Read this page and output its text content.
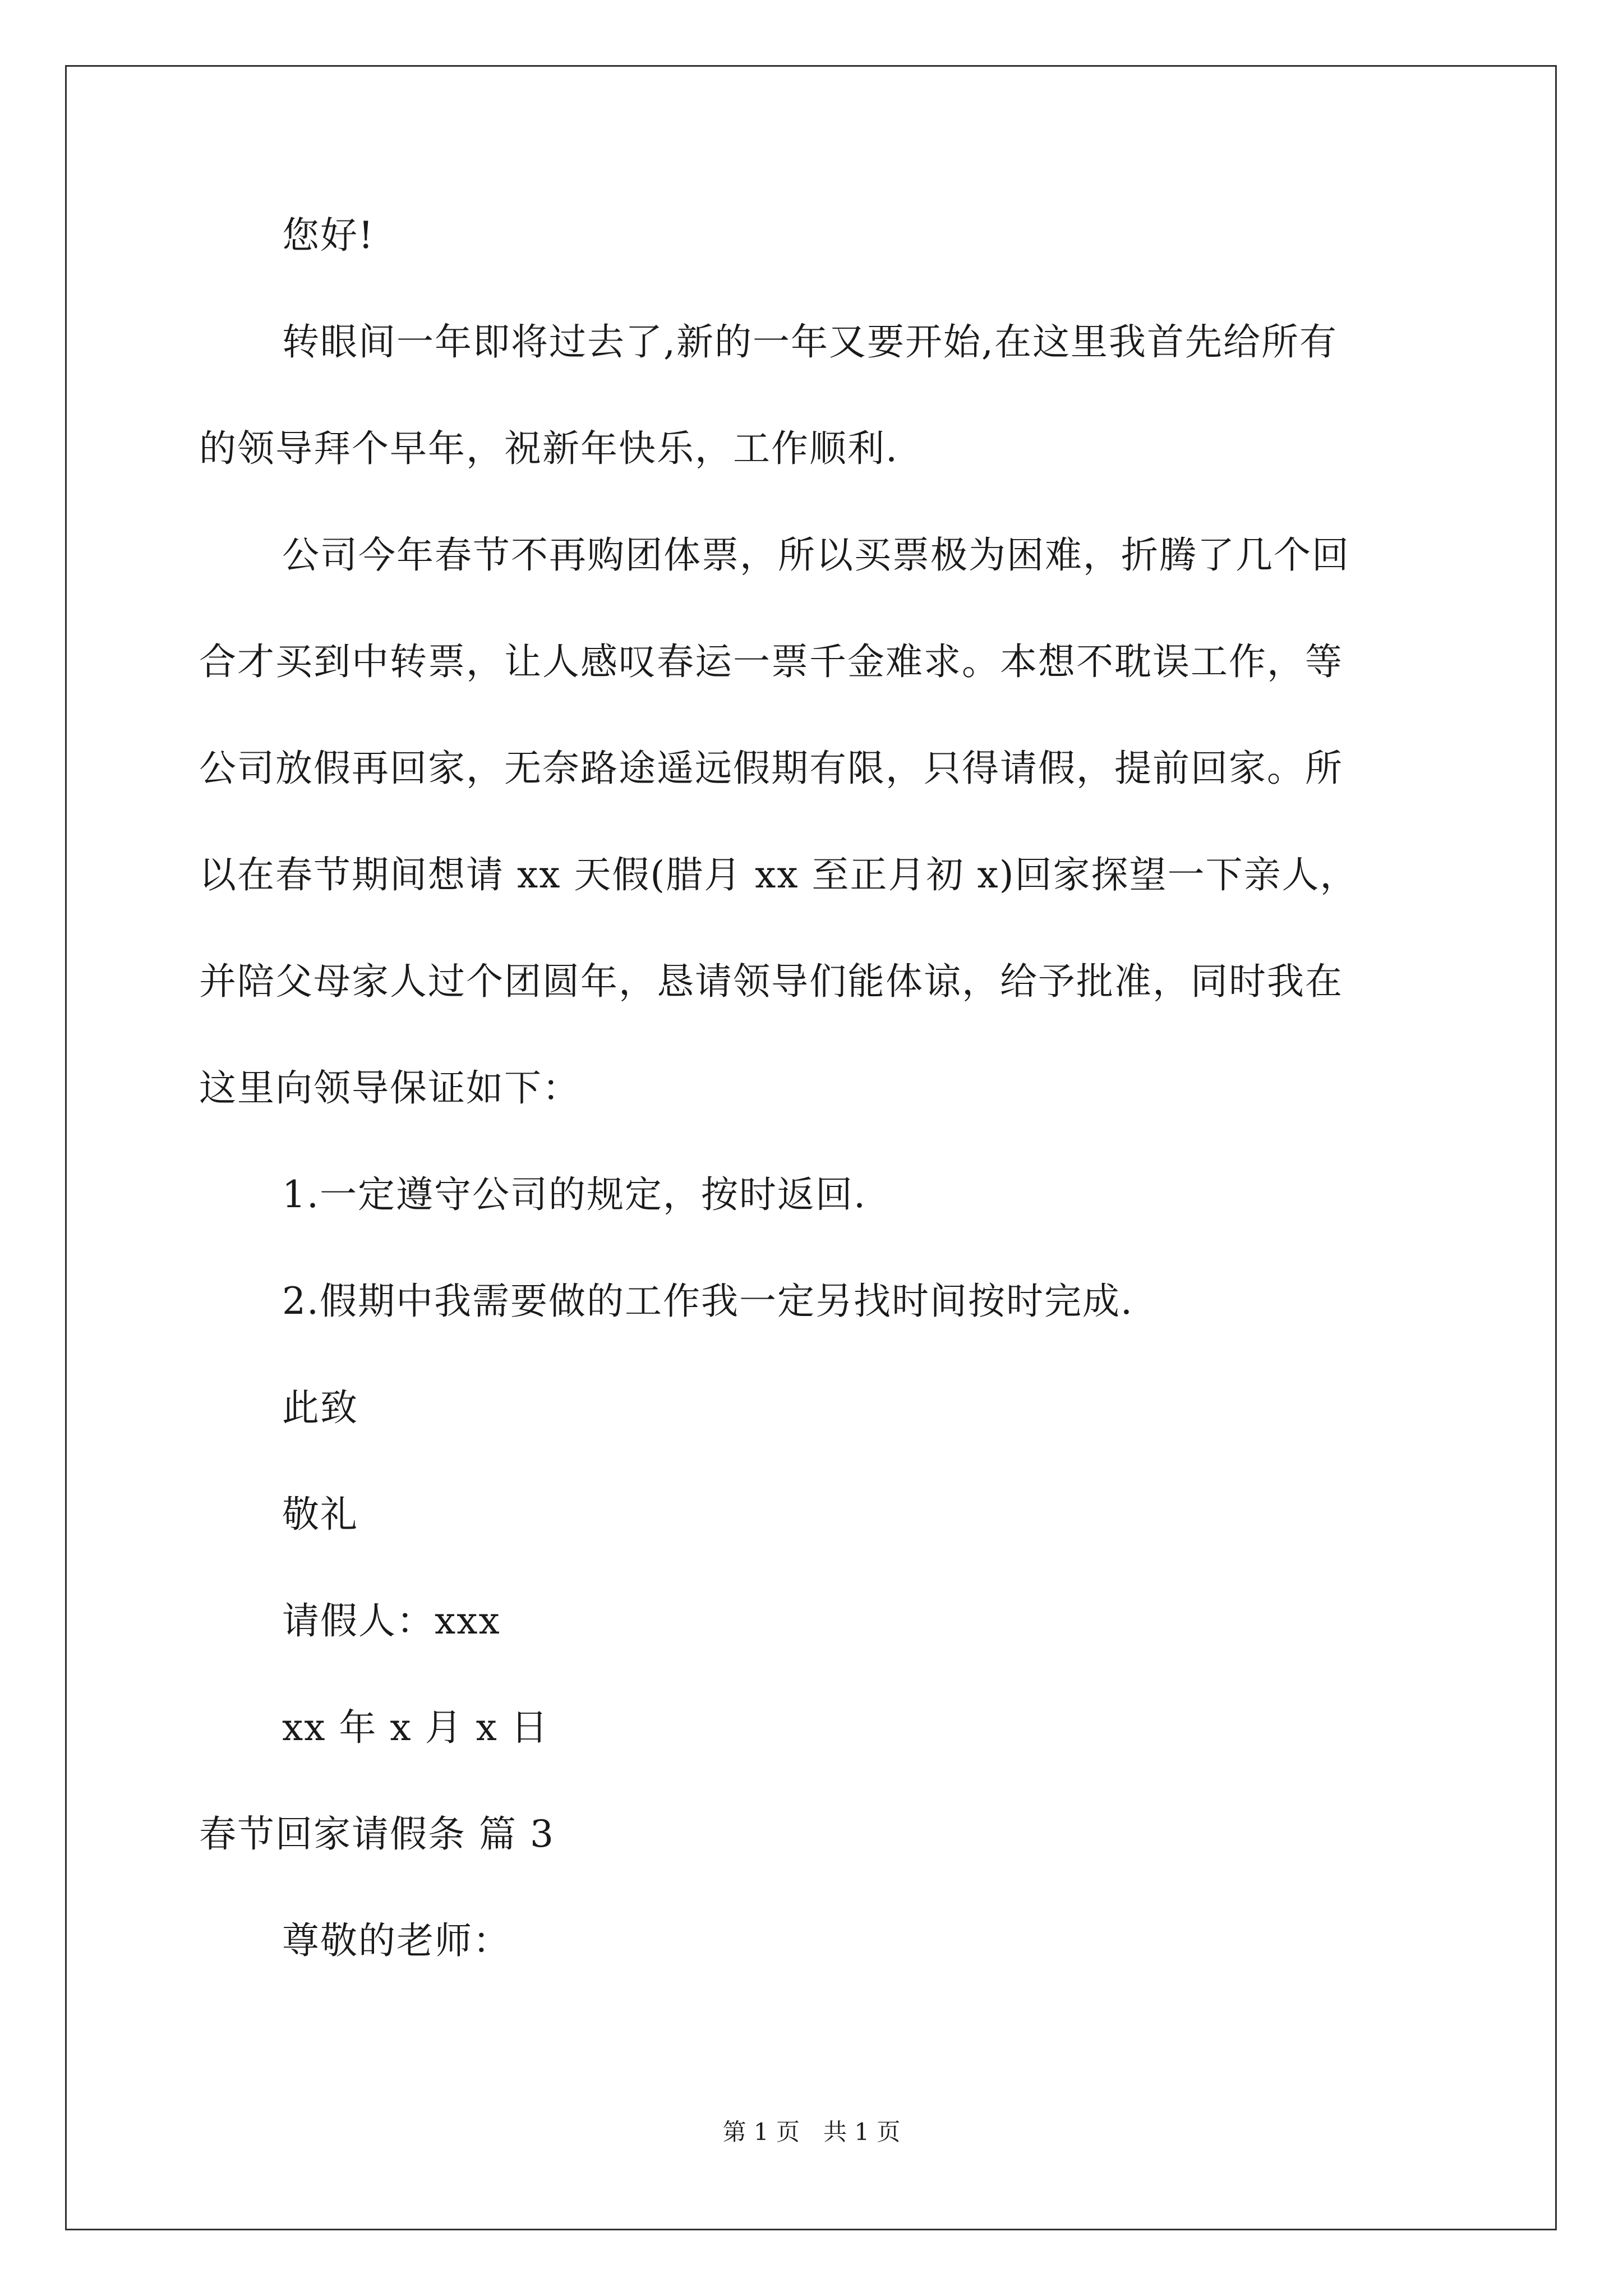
您好!
转眼间一年即将过去了,新的一年又要开始,在这里我首先给所有
的领导拜个早年，祝新年快乐，工作顺利.
公司今年春节不再购团体票，所以买票极为困难，折腾了几个回
合才买到中转票，让人感叹春运一票千金难求。本想不耽误工作，等
公司放假再回家，无奈路途遥远假期有限，只得请假，提前回家。所
以在春节期间想请 xx 天假(腊月 xx 至正月初 x)回家探望一下亲人，
并陪父母家人过个团圆年，恳请领导们能体谅，给予批准，同时我在
这里向领导保证如下：
1.一定遵守公司的规定，按时返回.
2.假期中我需要做的工作我一定另找时间按时完成.
此致
敬礼
请假人：xxx
xx 年 x 月 x 日
春节回家请假条 篇 3
尊敬的老师：
第 1 页　共 1 页
